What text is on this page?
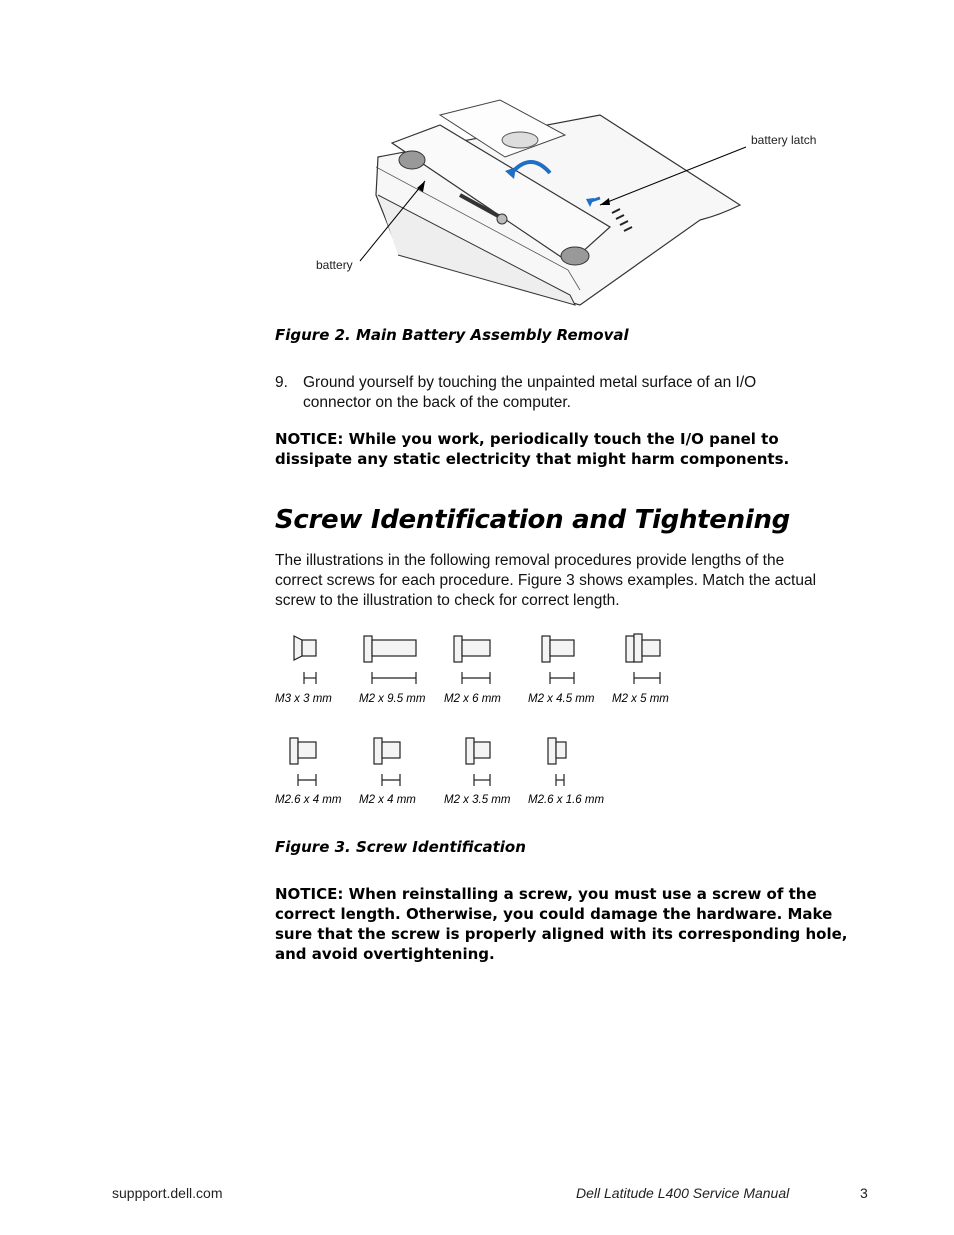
battery latch
battery
Figure 2. Main Battery Assembly Removal
9. Ground yourself by touching the unpainted metal surface of an I/O
connector on the back of the computer.
NOTICE: While you work, periodically touch the I/O panel to
dissipate any static electricity that might harm components.
Screw Identification and Tightening
The illustrations in the following removal procedures provide lengths of the
correct screws for each procedure. Figure 3 shows examples. Match the actual
screw to the illustration to check for correct length.
M3 x 3 mm M2 x 9.5 mm M2 x 6 mm M2 x 4.5 mm M2 x 5 mm
M2.6 x 4 mm M2 x 4 mm M2 x 3.5 mm M2.6 x 1.6 mm
Figure 3. Screw Identification
NOTICE: When reinstalling a screw, you must use a screw of the
correct length. Otherwise, you could damage the hardware. Make
sure that the screw is properly aligned with its corresponding hole,
and avoid overtightening.
suppport.dell.com	Dell Latitude L400 Service Manual	3
